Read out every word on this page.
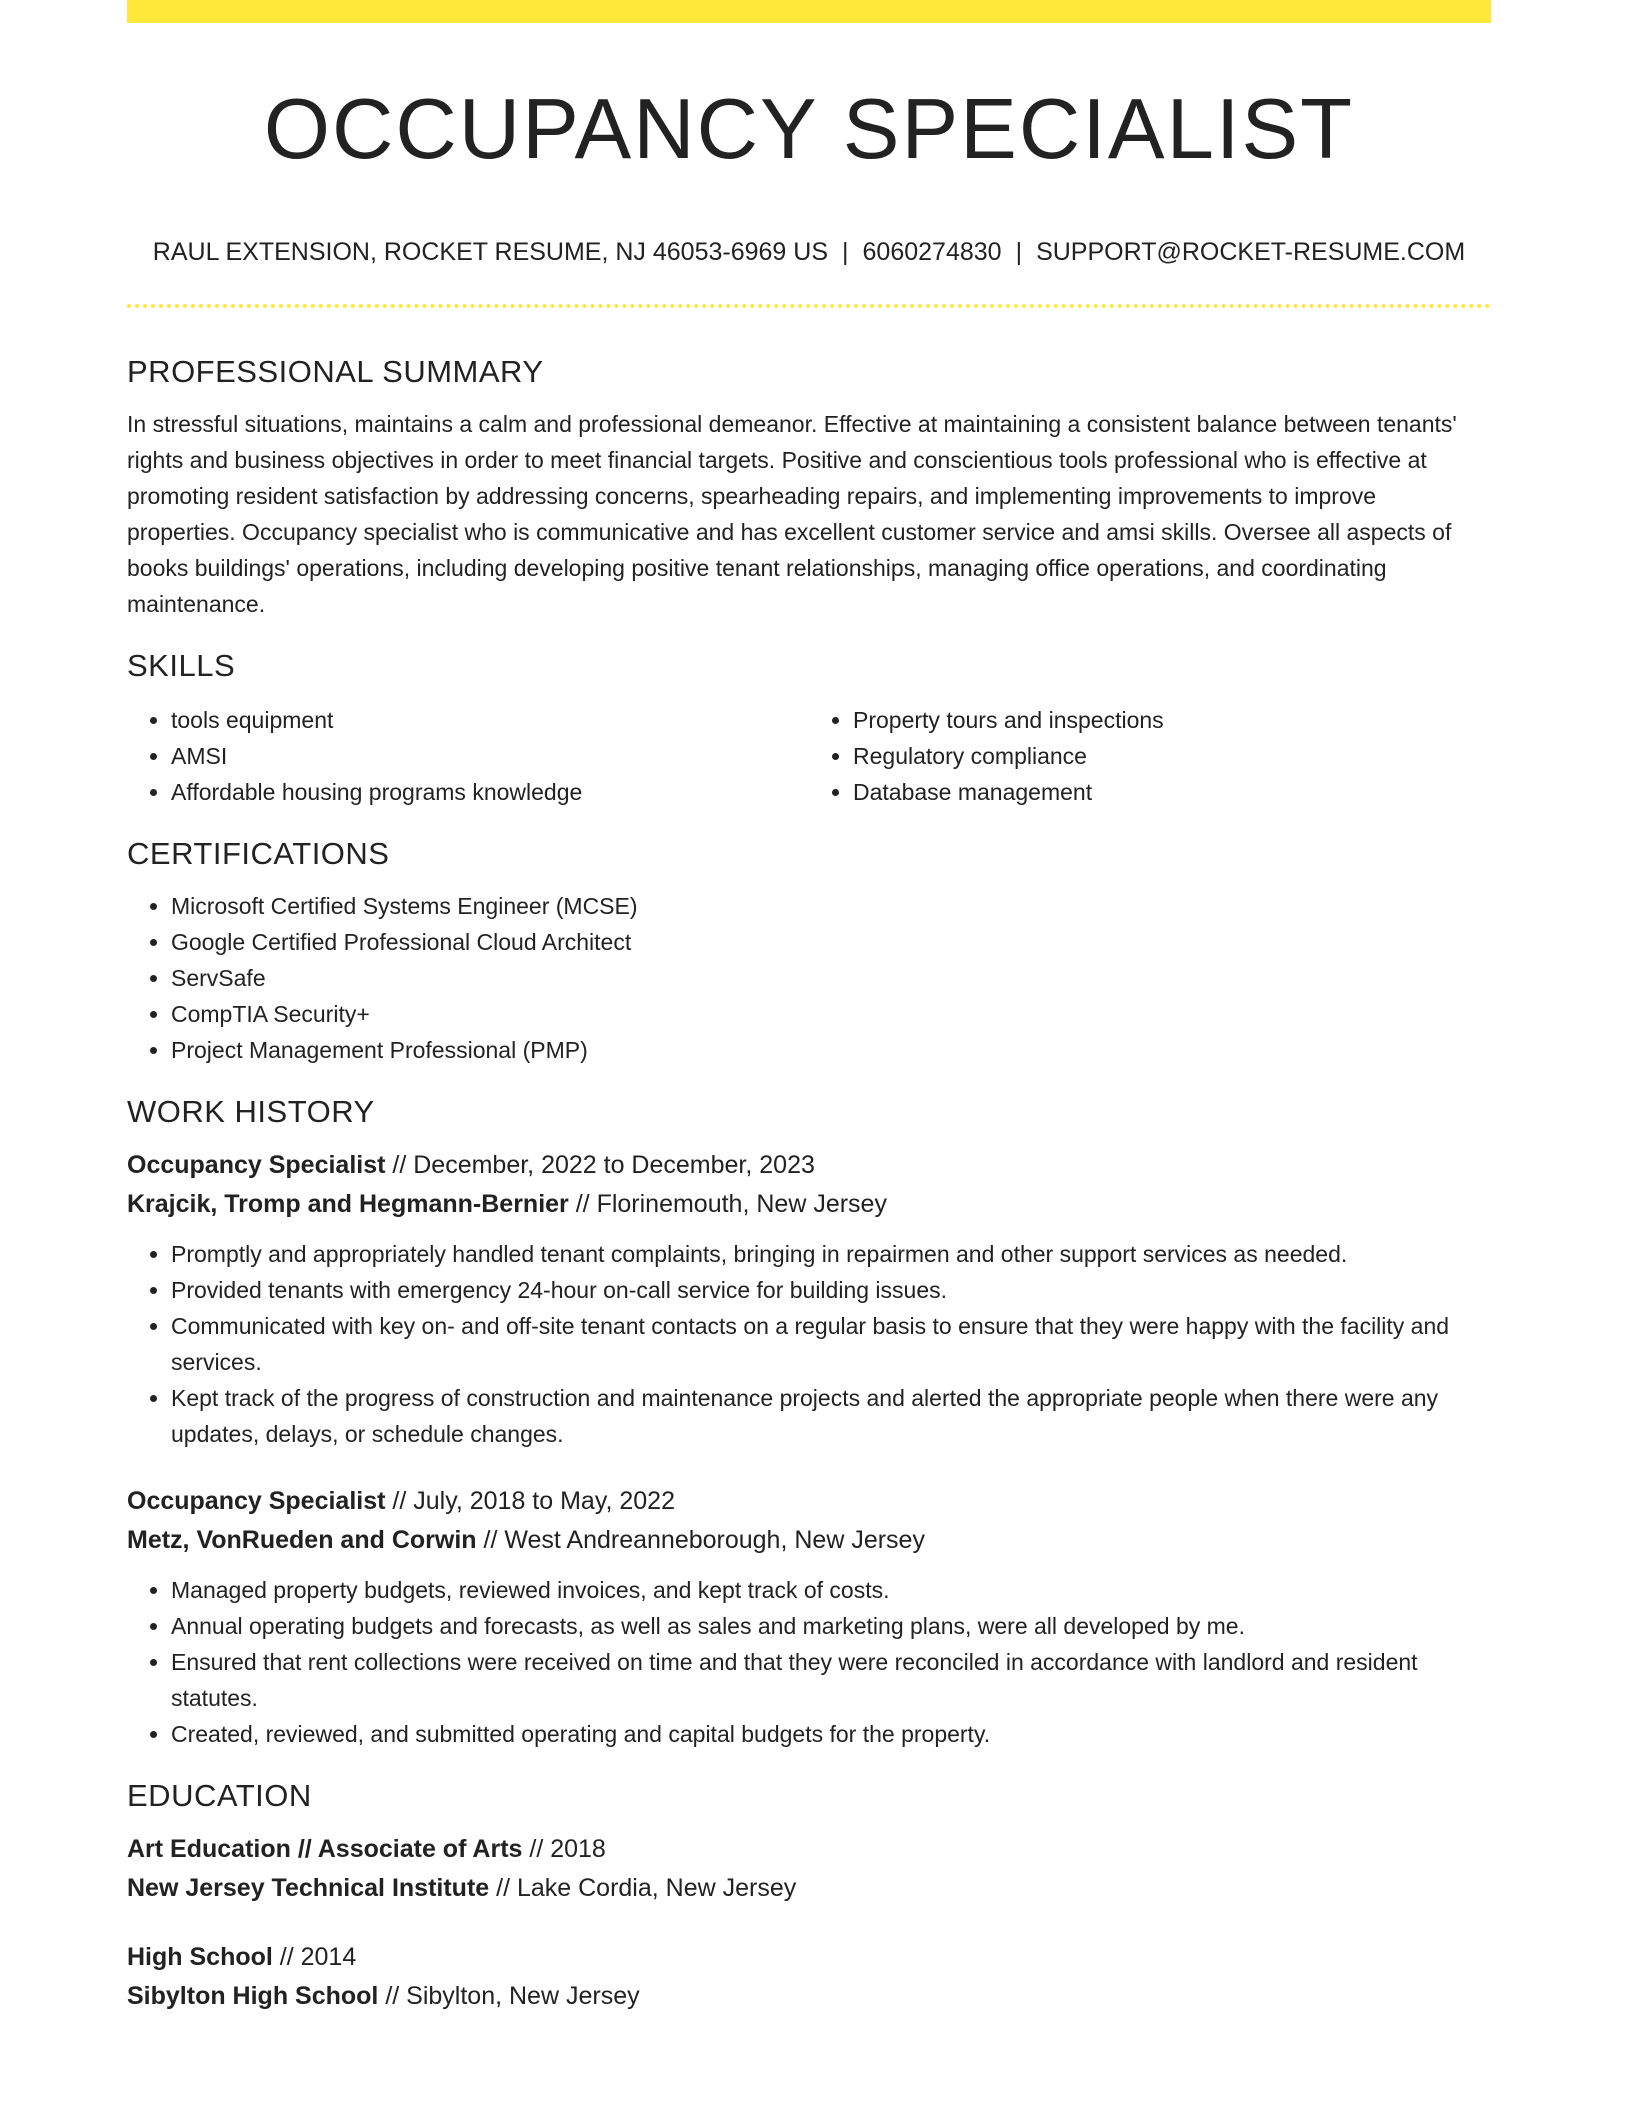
OCCUPANCY SPECIALIST
RAUL EXTENSION, ROCKET RESUME, NJ 46053-6969 US | 6060274830 | SUPPORT@ROCKET-RESUME.COM
PROFESSIONAL SUMMARY

In stressful situations, maintains a calm and professional demeanor. Effective at maintaining a consistent balance between tenants' rights and business objectives in order to meet financial targets. Positive and conscientious tools professional who is effective at promoting resident satisfaction by addressing concerns, spearheading repairs, and implementing improvements to improve properties. Occupancy specialist who is communicative and has excellent customer service and amsi skills. Oversee all aspects of books buildings' operations, including developing positive tenant relationships, managing office operations, and coordinating maintenance.

SKILLS
• tools equipment
• AMSI
• Affordable housing programs knowledge
• Property tours and inspections
• Regulatory compliance
• Database management
CERTIFICATIONS
• Microsoft Certified Systems Engineer (MCSE)
• Google Certified Professional Cloud Architect
• ServSafe
• CompTIA Security+
• Project Management Professional (PMP)
WORK HISTORY
Occupancy Specialist // December, 2022 to December, 2023
Krajcik, Tromp and Hegmann-Bernier // Florinemouth, New Jersey
• Promptly and appropriately handled tenant complaints, bringing in repairmen and other support services as needed.
• Provided tenants with emergency 24-hour on-call service for building issues.
• Communicated with key on- and off-site tenant contacts on a regular basis to ensure that they were happy with the facility and services.
• Kept track of the progress of construction and maintenance projects and alerted the appropriate people when there were any updates, delays, or schedule changes.
Occupancy Specialist // July, 2018 to May, 2022
Metz, VonRueden and Corwin // West Andreanneborough, New Jersey
• Managed property budgets, reviewed invoices, and kept track of costs.
• Annual operating budgets and forecasts, as well as sales and marketing plans, were all developed by me.
• Ensured that rent collections were received on time and that they were reconciled in accordance with landlord and resident statutes.
• Created, reviewed, and submitted operating and capital budgets for the property.
EDUCATION
Art Education // Associate of Arts // 2018
New Jersey Technical Institute // Lake Cordia, New Jersey
High School // 2014
Sibylton High School // Sibylton, New Jersey
